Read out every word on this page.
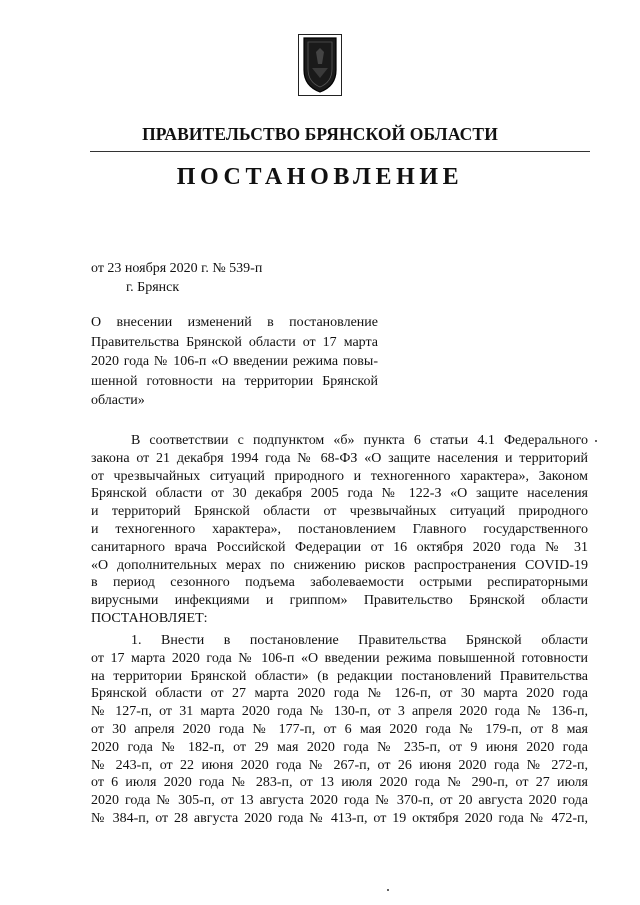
ПРАВИТЕЛЬСТВО БРЯНСКОЙ ОБЛАСТИ
ПОСТАНОВЛЕНИЕ
от 23 ноября 2020 г. № 539-п
г. Брянск
О внесении изменений в постановление
Правительства Брянской области от 17 марта
2020 года № 106-п «О введении режима повы-
шенной готовности на территории Брянской
области»
В соответствии с подпунктом «б» пункта 6 статьи 4.1 Федерального
закона от 21 декабря 1994 года № 68-ФЗ «О защите населения и территорий
от чрезвычайных ситуаций природного и техногенного характера», Законом
Брянской области от 30 декабря 2005 года № 122-З «О защите населения
и территорий Брянской области от чрезвычайных ситуаций природного
и техногенного характера», постановлением Главного государственного
санитарного врача Российской Федерации от 16 октября 2020 года № 31
«О дополнительных мерах по снижению рисков распространения COVID-19
в период сезонного подъема заболеваемости острыми респираторными
вирусными инфекциями и гриппом» Правительство Брянской области
ПОСТАНОВЛЯЕТ:
1. Внести в постановление Правительства Брянской области
от 17 марта 2020 года № 106-п «О введении режима повышенной готовности
на территории Брянской области» (в редакции постановлений Правительства
Брянской области от 27 марта 2020 года № 126-п, от 30 марта 2020 года
№ 127-п, от 31 марта 2020 года № 130-п, от 3 апреля 2020 года № 136-п,
от 30 апреля 2020 года № 177-п, от 6 мая 2020 года № 179-п, от 8 мая
2020 года № 182-п, от 29 мая 2020 года № 235-п, от 9 июня 2020 года
№ 243-п, от 22 июня 2020 года № 267-п, от 26 июня 2020 года № 272-п,
от 6 июля 2020 года № 283-п, от 13 июля 2020 года № 290-п, от 27 июля
2020 года № 305-п, от 13 августа 2020 года № 370-п, от 20 августа 2020 года
№ 384-п, от 28 августа 2020 года № 413-п, от 19 октября 2020 года № 472-п,
